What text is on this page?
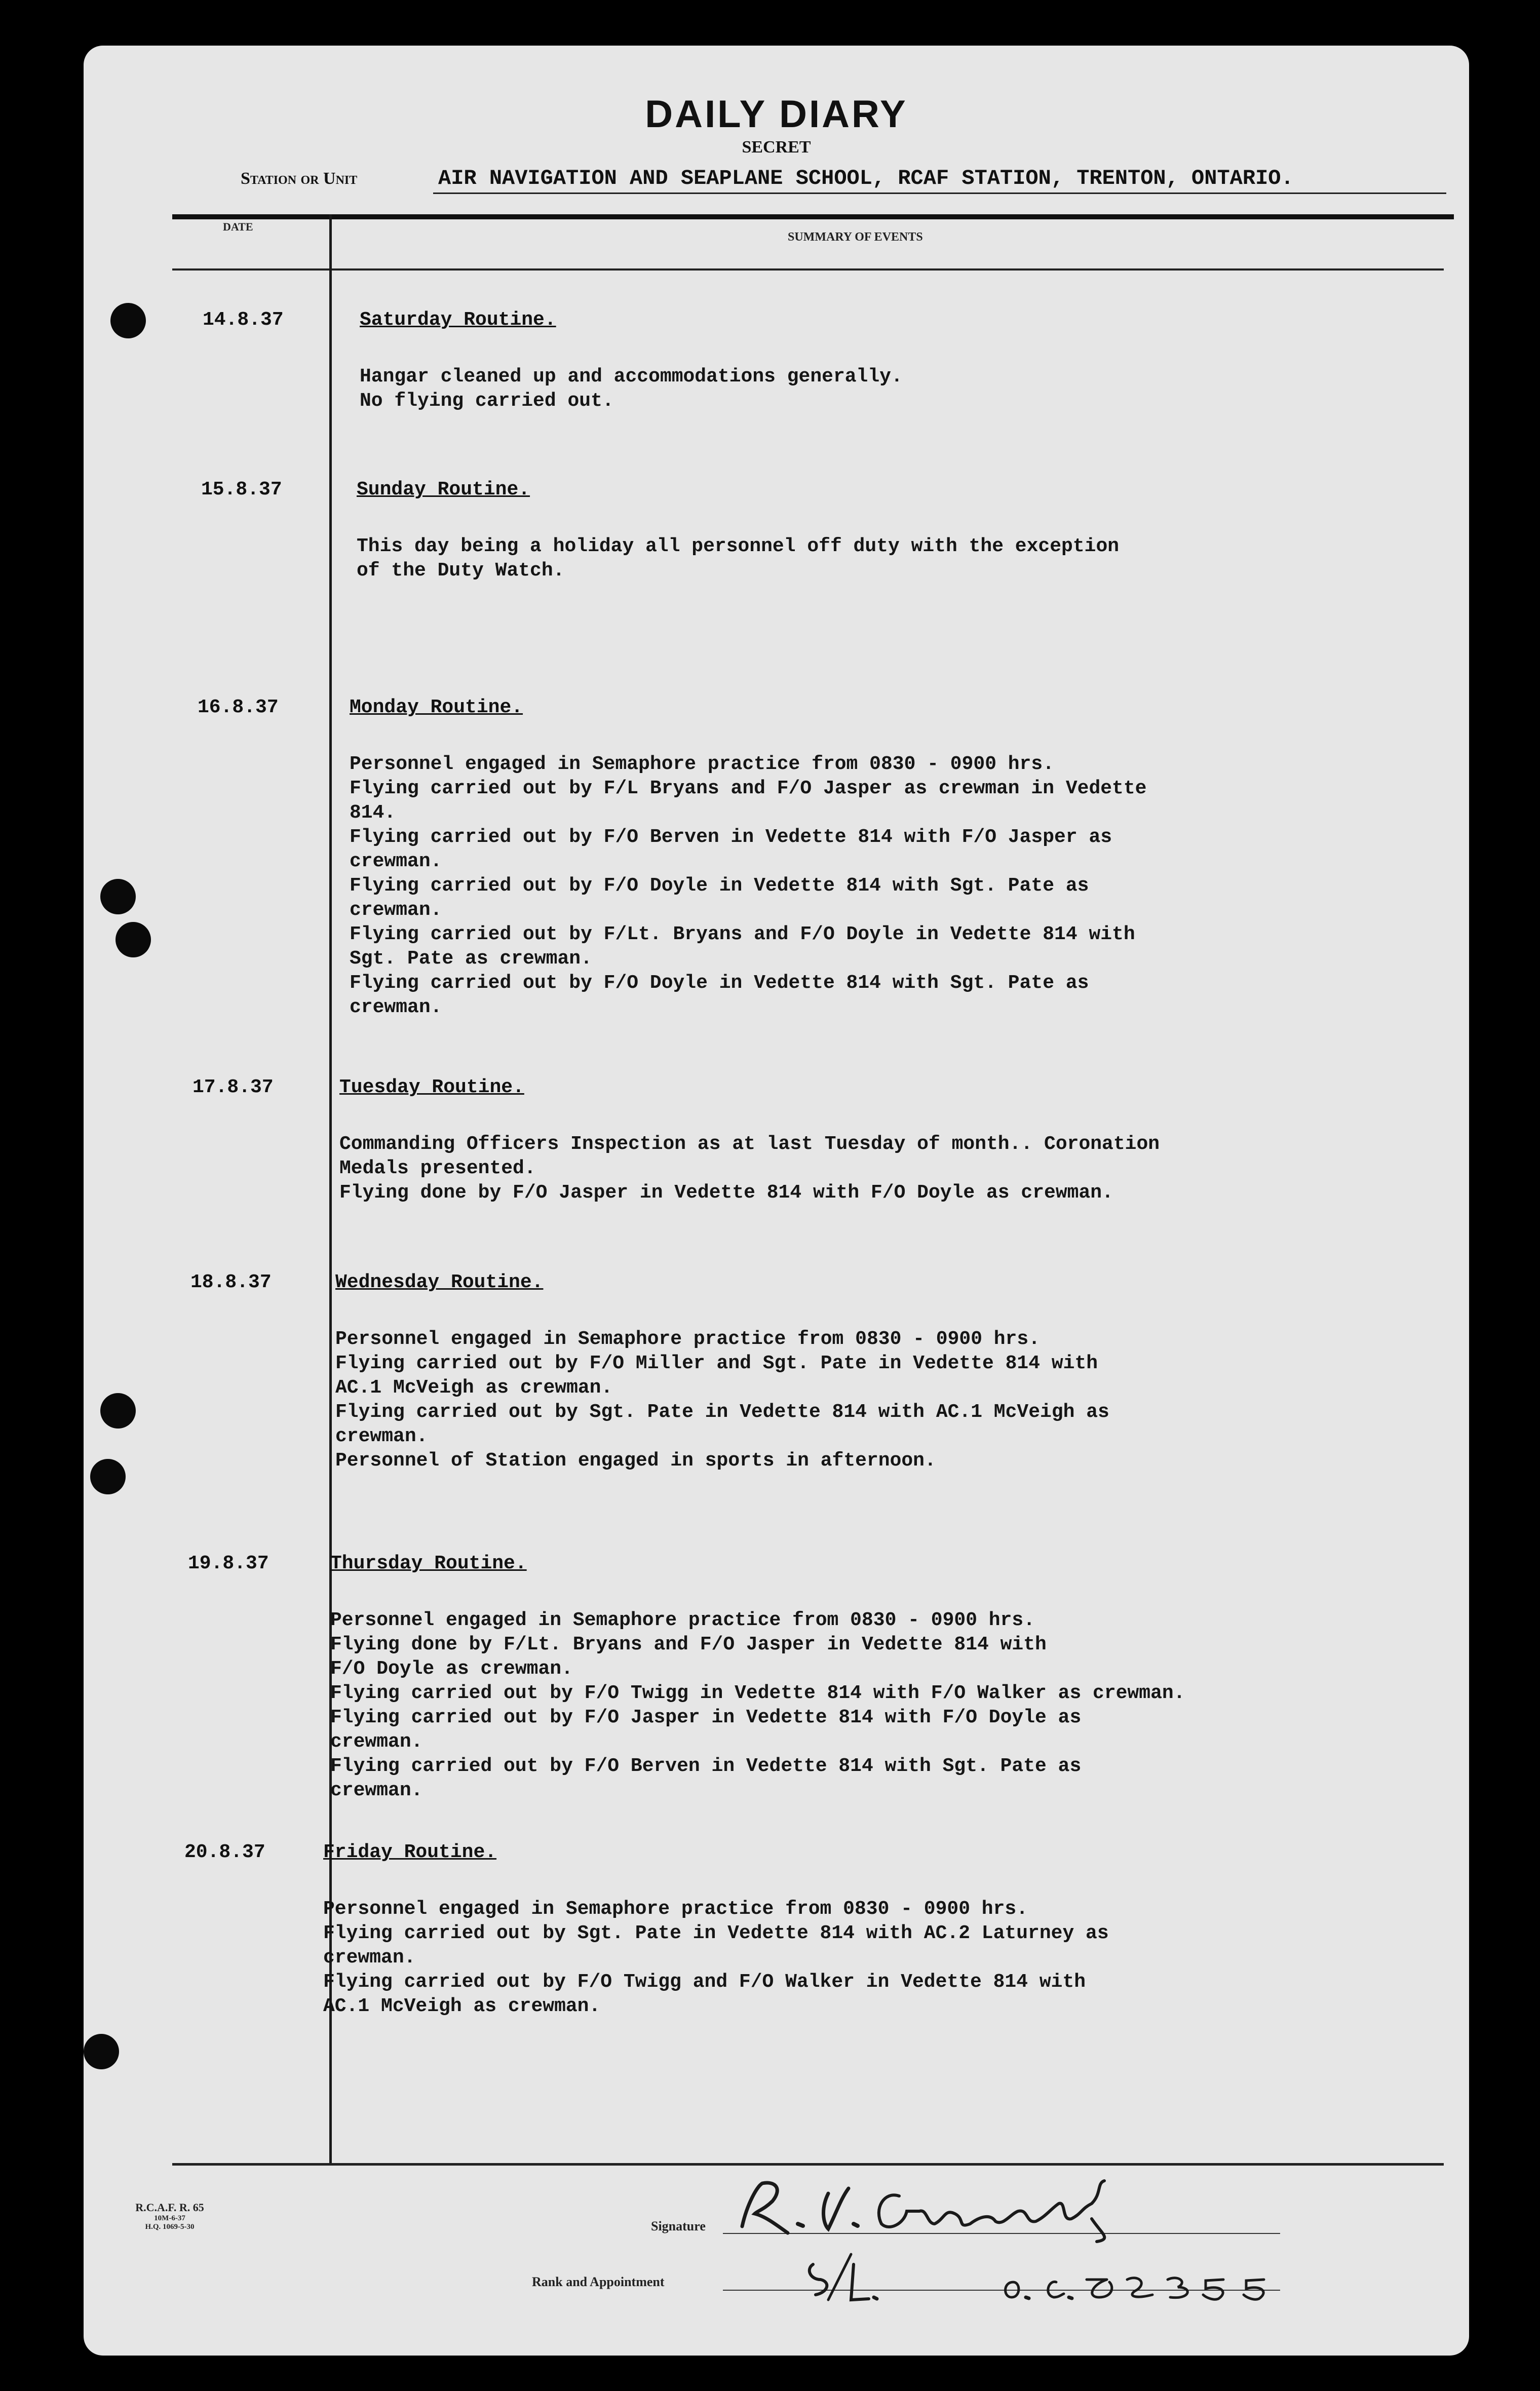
DAILY DIARY
SECRET
Station or Unit	AIR NAVIGATION AND SEAPLANE SCHOOL, RCAF STATION, TRENTON, ONTARIO.
DATE
SUMMARY OF EVENTS
14.8.37	Saturday Routine.
Hangar cleaned up and accommodations generally.
No flying carried out.
15.8.37	Sunday Routine.
This day being a holiday all personnel off duty with the exception
of the Duty Watch.
16.8.37	Monday Routine.
Personnel engaged in Semaphore practice from 0830 - 0900 hrs.
Flying carried out by F/L Bryans and F/O Jasper as crewman in Vedette
814.
Flying carried out by F/O Berven in Vedette 814 with F/O Jasper as
crewman.
Flying carried out by F/O Doyle in Vedette 814 with Sgt. Pate as
crewman.
Flying carried out by F/Lt. Bryans and F/O Doyle in Vedette 814 with
Sgt. Pate as crewman.
Flying carried out by F/O Doyle in Vedette 814 with Sgt. Pate as
crewman.
17.8.37	Tuesday Routine.
Commanding Officers Inspection as at last Tuesday of month.. Coronation
Medals presented.
Flying done by F/O Jasper in Vedette 814 with F/O Doyle as crewman.
18.8.37	Wednesday Routine.
Personnel engaged in Semaphore practice from 0830 - 0900 hrs.
Flying carried out by F/O Miller and Sgt. Pate in Vedette 814 with
AC.1 McVeigh as crewman.
Flying carried out by Sgt. Pate in Vedette 814 with AC.1 McVeigh as
crewman.
Personnel of Station engaged in sports in afternoon.
19.8.37	Thursday Routine.
Personnel engaged in Semaphore practice from 0830 - 0900 hrs.
Flying done by F/Lt. Bryans and F/O Jasper in Vedette 814 with
F/O Doyle as crewman.
Flying carried out by F/O Twigg in Vedette 814 with F/O Walker as crewman.
Flying carried out by F/O Jasper in Vedette 814 with F/O Doyle as
crewman.
Flying carried out by F/O Berven in Vedette 814 with Sgt. Pate as
crewman.
20.8.37	Friday Routine.
Personnel engaged in Semaphore practice from 0830 - 0900 hrs.
Flying carried out by Sgt. Pate in Vedette 814 with AC.2 Laturney as
crewman.
Flying carried out by F/O Twigg and F/O Walker in Vedette 814 with
AC.1 McVeigh as crewman.
R.C.A.F. R. 65
10M-6-37
H.Q. 1069-5-30	Signature
Rank and Appointment
